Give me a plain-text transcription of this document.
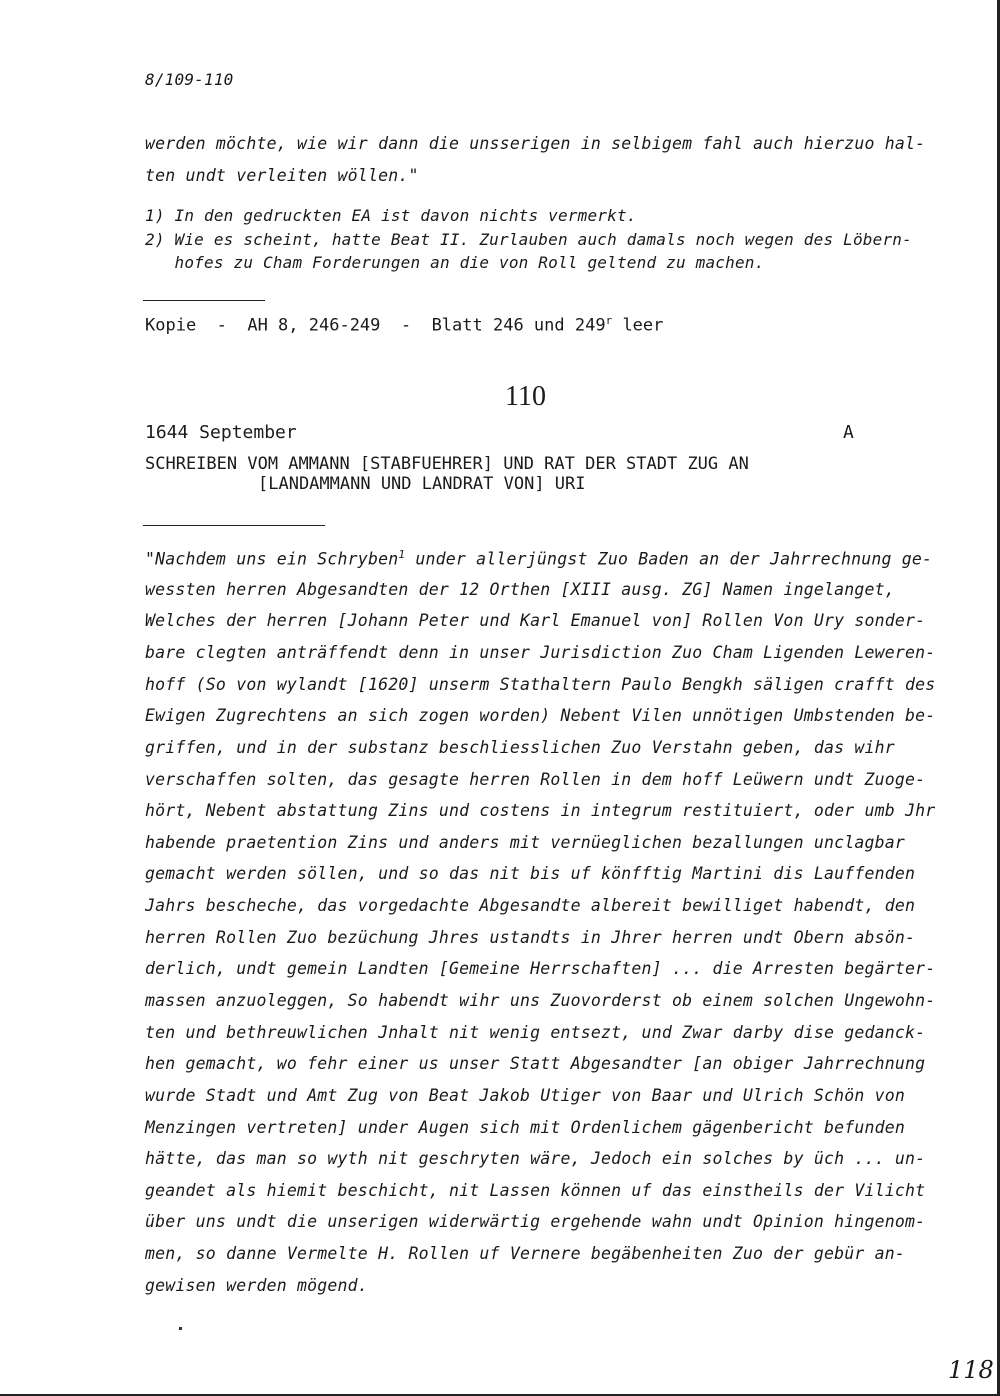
8/109-110
werden möchte, wie wir dann die unsserigen in selbigem fahl auch hierzuo hal-
ten undt verleiten wöllen."
1) In den gedruckten EA ist davon nichts vermerkt.
2) Wie es scheint, hatte Beat II. Zurlauben auch damals noch wegen des Löbern-
hofes zu Cham Forderungen an die von Roll geltend zu machen.
Kopie  -  AH 8, 246-249  -  Blatt 246 und 249$^r$ leer
110
1644 September	A
SCHREIBEN VOM AMMANN [STABFUEHRER] UND RAT DER STADT ZUG AN
[LANDAMMANN UND LANDRAT VON] URI
"Nachdem uns ein Schryben$^1$ under allerjüngst Zuo Baden an der Jahrrechnung ge-
wessten herren Abgesandten der 12 Orthen [XIII ausg. ZG] Namen ingelanget,
Welches der herren [Johann Peter und Karl Emanuel von] Rollen Von Ury sonder-
bare clegten anträffendt denn in unser Jurisdiction Zuo Cham Ligenden Leweren-
hoff (So von wylandt [1620] unserm Stathaltern Paulo Bengkh säligen crafft des
Ewigen Zugrechtens an sich zogen worden) Nebent Vilen unnötigen Umbstenden be-
griffen, und in der substanz beschliesslichen Zuo Verstahn geben, das wihr
verschaffen solten, das gesagte herren Rollen in dem hoff Leüwern undt Zuoge-
hört, Nebent abstattung Zins und costens in integrum restituiert, oder umb Jhr
habende praetention Zins und anders mit vernüeglichen bezallungen unclagbar
gemacht werden söllen, und so das nit bis uf könfftig Martini dis Lauffenden
Jahrs bescheche, das vorgedachte Abgesandte albereit bewilliget habendt, den
herren Rollen Zuo bezüchung Jhres ustandts in Jhrer herren undt Obern absön-
derlich, undt gemein Landten [Gemeine Herrschaften] ... die Arresten begärter-
massen anzuoleggen, So habendt wihr uns Zuovorderst ob einem solchen Ungewohn-
ten und bethreuwlichen Jnhalt nit wenig entsezt, und Zwar darby dise gedanck-
hen gemacht, wo fehr einer us unser Statt Abgesandter [an obiger Jahrrechnung
wurde Stadt und Amt Zug von Beat Jakob Utiger von Baar und Ulrich Schön von
Menzingen vertreten] under Augen sich mit Ordenlichem gägenbericht befunden
hätte, das man so wyth nit geschryten wäre, Jedoch ein solches by üch ... un-
geandet als hiemit beschicht, nit Lassen können uf das einstheils der Vilicht
über uns undt die unserigen widerwärtig ergehende wahn undt Opinion hingenom-
men, so danne Vermelte H. Rollen uf Vernere begäbenheiten Zuo der gebür an-
gewisen werden mögend.
118
